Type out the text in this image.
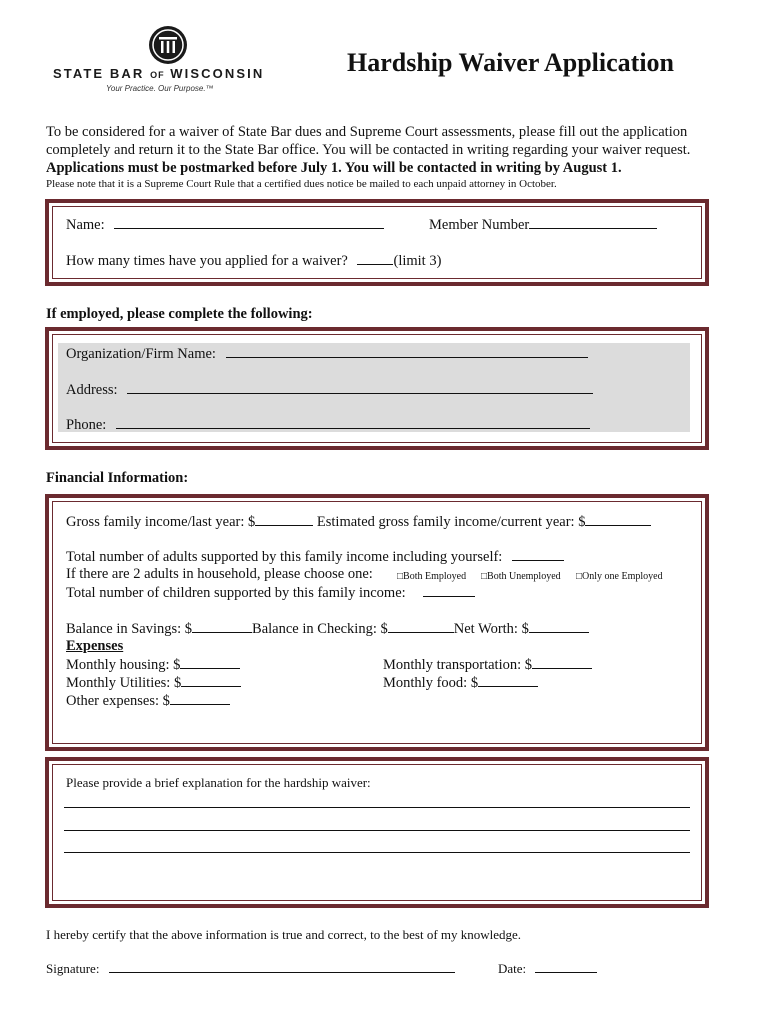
STATE BAR OF WISCONSIN
Your Practice. Our Purpose.™
Hardship Waiver Application
To be considered for a waiver of State Bar dues and Supreme Court assessments, please fill out the application
completely and return it to the State Bar office. You will be contacted in writing regarding your waiver request.
Applications must be postmarked before July 1. You will be contacted in writing by August 1.
Please note that it is a Supreme Court Rule that a certified dues notice be mailed to each unpaid attorney in October.
Name:	Member Number
How many times have you applied for a waiver?	(limit 3)
If employed, please complete the following:
Organization/Firm Name:
Address:
Phone:
Financial Information:
Gross family income/last year: $	Estimated gross family income/current year: $
Total number of adults supported by this family income including yourself:
If there are 2 adults in household, please choose one: □Both Employed □Both Unemployed □Only one Employed
Total number of children supported by this family income:
Balance in Savings: $	Balance in Checking: $	Net Worth: $
Expenses
Monthly housing: $	Monthly transportation: $
Monthly Utilities: $	Monthly food: $
Other expenses: $
Please provide a brief explanation for the hardship waiver:
I hereby certify that the above information is true and correct, to the best of my knowledge.
Signature:	Date:
